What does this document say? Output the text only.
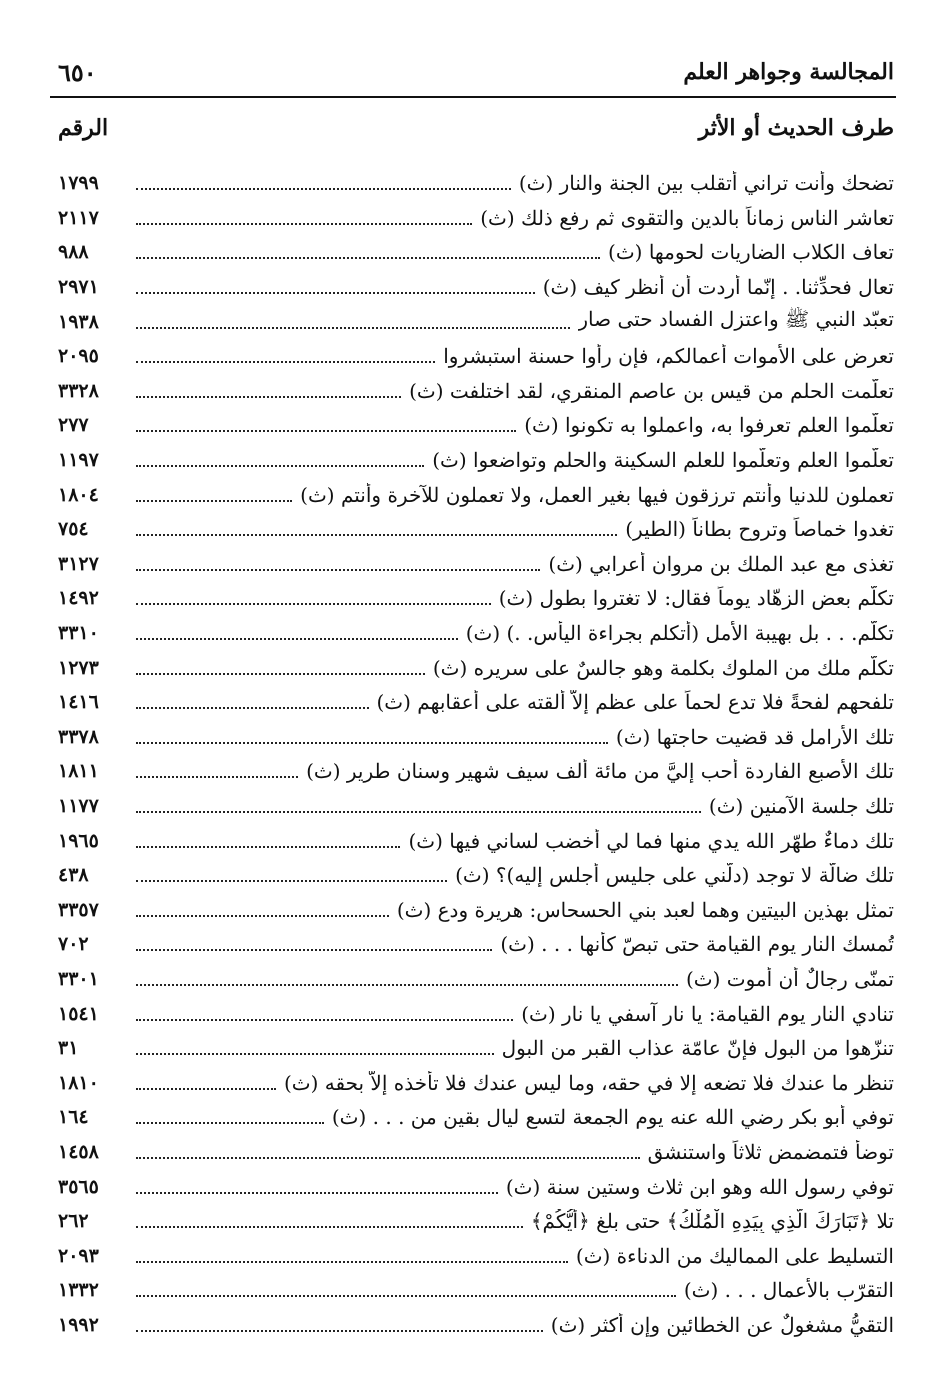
٦٥٠	المجالسة وجواهر العلم
الرقم	طرف الحديث أو الأثر
١٧٩٩	تضحك وأنت تراني أتقلب بين الجنة والنار (ث)
٢١١٧	تعاشر الناس زماناً بالدين والتقوى ثم رفع ذلك (ث)
٩٨٨	تعاف الكلاب الضاريات لحومها (ث)
٢٩٧١	تعال فحدِّثنا. . إنّما أردت أن أنظر كيف (ث)
١٩٣٨	تعبّد النبي ﷺ واعتزل الفساد حتى صار
٢٠٩٥	تعرض على الأموات أعمالكم، فإن رأوا حسنة استبشروا
٣٣٢٨	تعلّمت الحلم من قيس بن عاصم المنقري، لقد اختلفت (ث)
٢٧٧	تعلّموا العلم تعرفوا به، واعملوا به تكونوا (ث)
١١٩٧	تعلّموا العلم وتعلّموا للعلم السكينة والحلم وتواضعوا (ث)
١٨٠٤	تعملون للدنيا وأنتم ترزقون فيها بغير العمل، ولا تعملون للآخرة وأنتم (ث)
٧٥٤	تغدوا خماصاً وتروح بطاناً (الطير)
٣١٢٧	تغذى مع عبد الملك بن مروان أعرابي (ث)
١٤٩٢	تكلّم بعض الزهّاد يوماً فقال: لا تغتروا بطول (ث)
٣٣١٠	تكلّم. . . بل بهيبة الأمل (أتكلم بجراءة اليأس. .) (ث)
١٢٧٣	تكلّم ملك من الملوك بكلمة وهو جالسٌ على سريره (ث)
١٤١٦	تلفحهم لفحةً فلا تدع لحماً على عظم إلاّ ألقته على أعقابهم (ث)
٣٣٧٨	تلك الأرامل قد قضيت حاجتها (ث)
١٨١١	تلك الأصبع الفاردة أحب إليَّ من مائة ألف سيف شهير وسنان طرير (ث)
١١٧٧	تلك جلسة الآمنين (ث)
١٩٦٥	تلك دماءٌ طهّر الله يدي منها فما لي أخضب لساني فيها (ث)
٤٣٨	تلك ضالّة لا توجد (دلّني على جليسٍ أجلس إليه)؟ (ث)
٣٣٥٧	تمثل بهذين البيتين وهما لعبد بني الحسحاس: هريرة ودع (ث)
٧٠٢	تُمسك النار يوم القيامة حتى تبصّ كأنها . . . (ث)
٣٣٠١	تمنّى رجالٌ أن أموت (ث)
١٥٤١	تنادي النار يوم القيامة: يا نار آسفي يا نار (ث)
٣١	تنزّهوا من البول فإنّ عامّة عذاب القبر من البول
١٨١٠	تنظر ما عندك فلا تضعه إلا في حقه، وما ليس عندك فلا تأخذه إلاّ بحقه (ث)
١٦٤	توفي أبو بكر رضي الله عنه يوم الجمعة لتسع ليال بقين من . . . (ث)
١٤٥٨	توضأ فتمضمض ثلاثاً واستنشق
٣٥٦٥	توفي رسول الله وهو ابن ثلاث وستين سنة (ث)
٢٦٢	تلا ﴿تَبَارَكَ الَّذِي بِيَدِهِ الْمُلْكُ﴾ حتى بلغ ﴿أَيُّكُمْ﴾
٢٠٩٣	التسليط على المماليك من الدناءة (ث)
١٣٣٢	التقرّب بالأعمال . . . (ث)
١٩٩٢	التقيُّ مشغولٌ عن الخطائين وإن أكثر (ث)
